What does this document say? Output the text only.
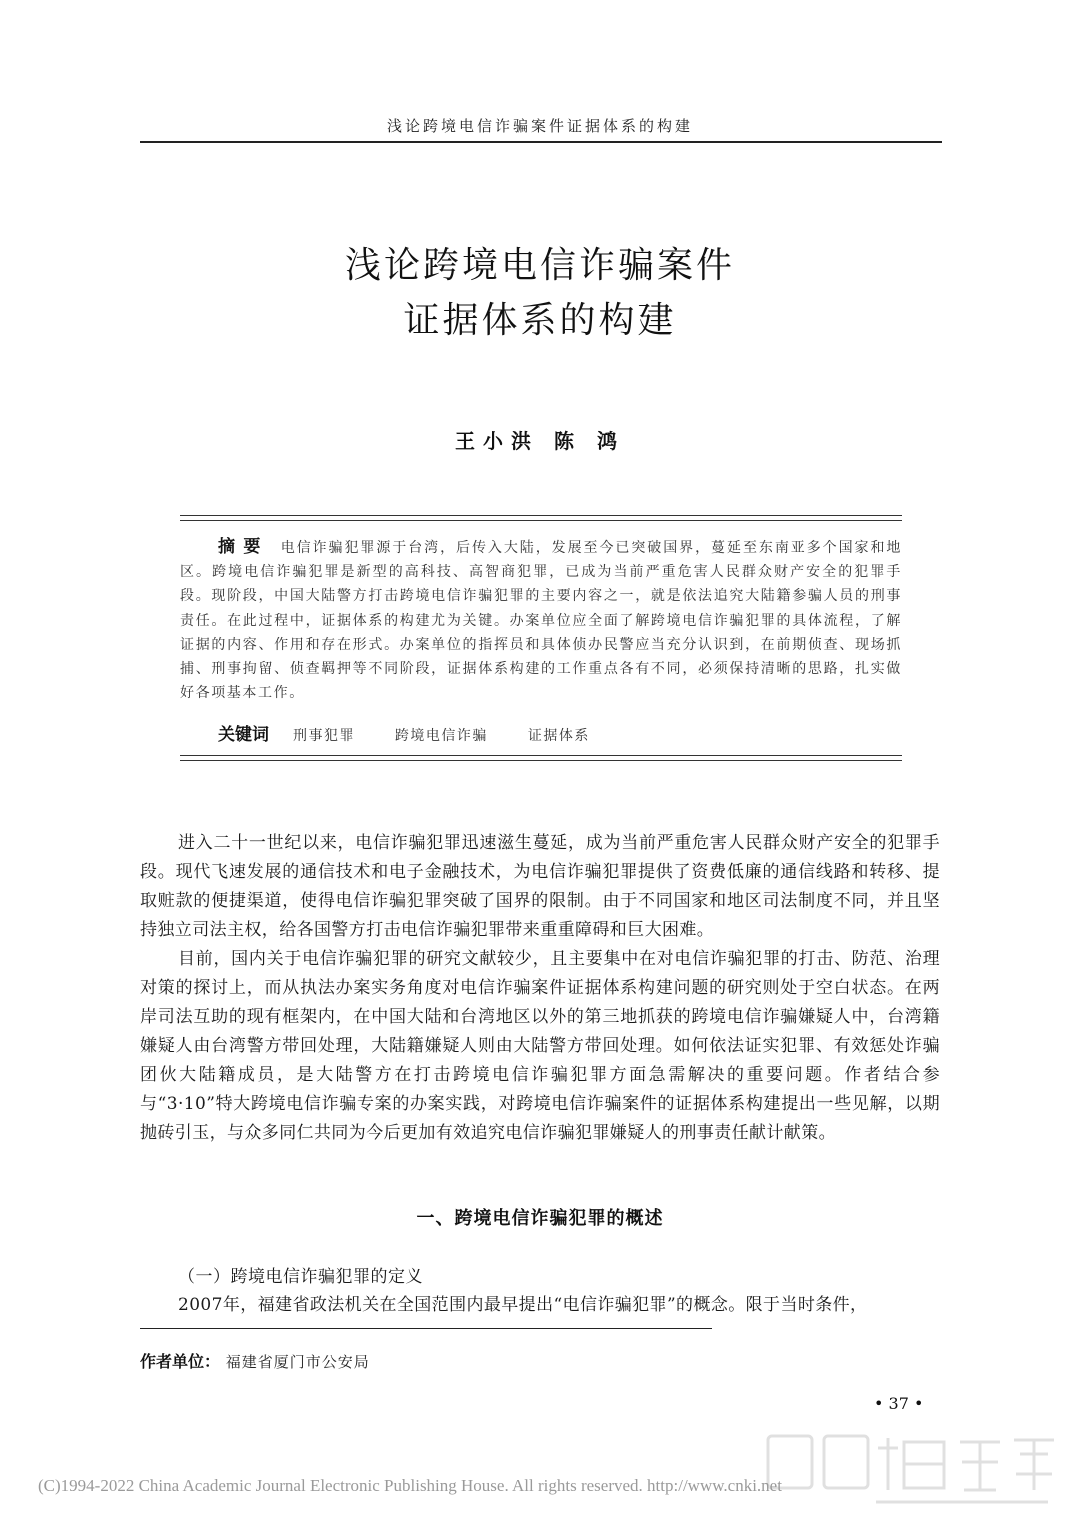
浅论跨境电信诈骗案件证据体系的构建
浅论跨境电信诈骗案件
证据体系的构建
王小洪 陈 鸿
摘要 电信诈骗犯罪源于台湾，后传入大陆，发展至今已突破国界，蔓延至东南亚多个国家和地区。跨境电信诈骗犯罪是新型的高科技、高智商犯罪，已成为当前严重危害人民群众财产安全的犯罪手段。现阶段，中国大陆警方打击跨境电信诈骗犯罪的主要内容之一，就是依法追究大陆籍参骗人员的刑事责任。在此过程中，证据体系的构建尤为关键。办案单位应全面了解跨境电信诈骗犯罪的具体流程，了解证据的内容、作用和存在形式。办案单位的指挥员和具体侦办民警应当充分认识到，在前期侦查、现场抓捕、刑事拘留、侦查羁押等不同阶段，证据体系构建的工作重点各有不同，必须保持清晰的思路，扎实做好各项基本工作。
关键词 刑事犯罪	跨境电信诈骗	证据体系

进入二十一世纪以来，电信诈骗犯罪迅速滋生蔓延，成为当前严重危害人民群众财产安全的犯罪手段。现代飞速发展的通信技术和电子金融技术，为电信诈骗犯罪提供了资费低廉的通信线路和转移、提取赃款的便捷渠道，使得电信诈骗犯罪突破了国界的限制。由于不同国家和地区司法制度不同，并且坚持独立司法主权，给各国警方打击电信诈骗犯罪带来重重障碍和巨大困难。

目前，国内关于电信诈骗犯罪的研究文献较少，且主要集中在对电信诈骗犯罪的打击、防范、治理对策的探讨上，而从执法办案实务角度对电信诈骗案件证据体系构建问题的研究则处于空白状态。在两岸司法互助的现有框架内，在中国大陆和台湾地区以外的第三地抓获的跨境电信诈骗嫌疑人中，台湾籍嫌疑人由台湾警方带回处理，大陆籍嫌疑人则由大陆警方带回处理。如何依法证实犯罪、有效惩处诈骗团伙大陆籍成员，是大陆警方在打击跨境电信诈骗犯罪方面急需解决的重要问题。作者结合参与“3·10”特大跨境电信诈骗专案的办案实践，对跨境电信诈骗案件的证据体系构建提出一些见解，以期抛砖引玉，与众多同仁共同为今后更加有效追究电信诈骗犯罪嫌疑人的刑事责任献计献策。

一、跨境电信诈骗犯罪的概述
（一）跨境电信诈骗犯罪的定义
2007年，福建省政法机关在全国范围内最早提出“电信诈骗犯罪”的概念。限于当时条件，
作者单位： 福建省厦门市公安局
• 37 •
(C)1994-2022 China Academic Journal Electronic Publishing House. All rights reserved. http://www.cnki.net
